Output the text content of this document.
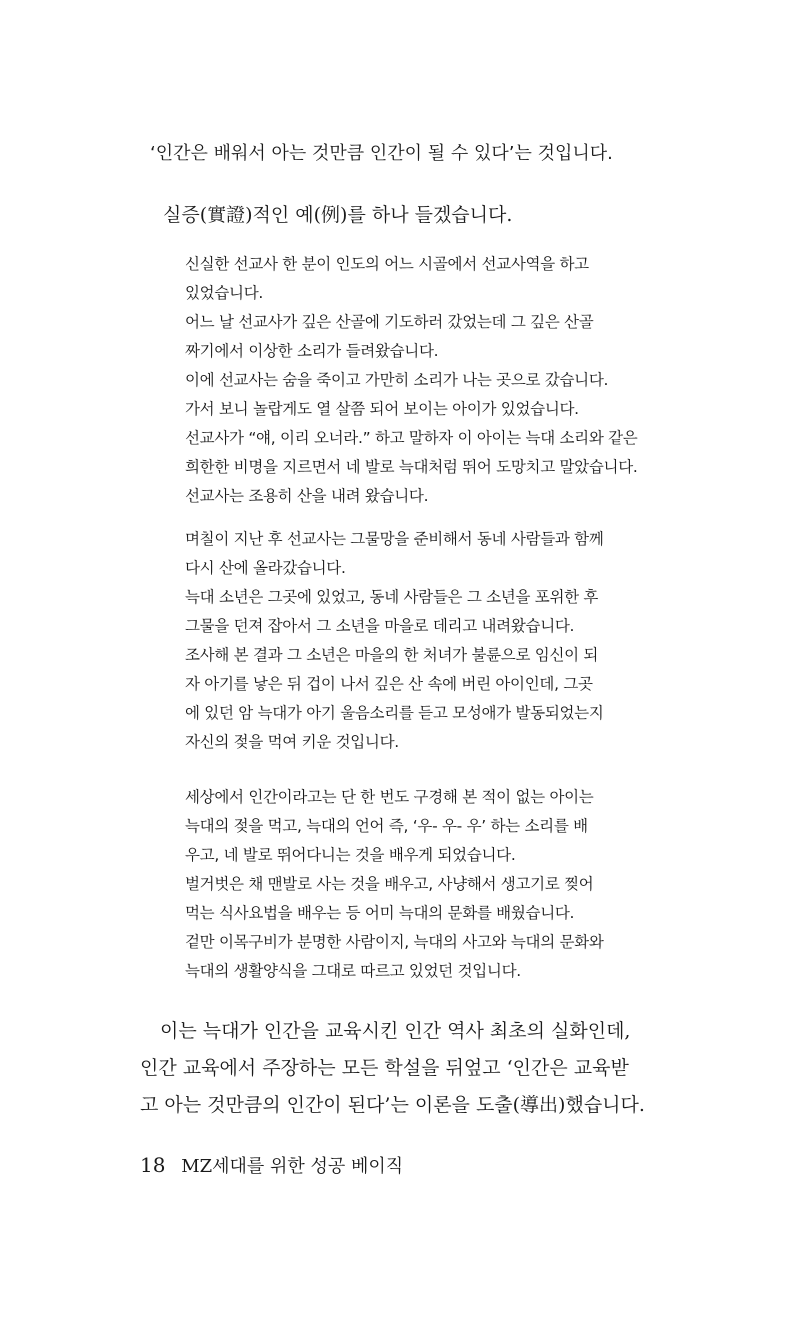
‘인간은 배워서 아는 것만큼 인간이 될 수 있다’는 것입니다.

실증(實證)적인 예(例)를 하나 들겠습니다.

신실한 선교사 한 분이 인도의 어느 시골에서 선교사역을 하고

있었습니다.

어느 날 선교사가 깊은 산골에 기도하러 갔었는데 그 깊은 산골

짜기에서 이상한 소리가 들려왔습니다.

이에 선교사는 숨을 죽이고 가만히 소리가 나는 곳으로 갔습니다.

가서 보니 놀랍게도 열 살쯤 되어 보이는 아이가 있었습니다.

선교사가 “얘, 이리 오너라.” 하고 말하자 이 아이는 늑대 소리와 같은

희한한 비명을 지르면서 네 발로 늑대처럼 뛰어 도망치고 말았습니다.

선교사는 조용히 산을 내려 왔습니다.

며칠이 지난 후 선교사는 그물망을 준비해서 동네 사람들과 함께

다시 산에 올라갔습니다.

늑대 소년은 그곳에 있었고, 동네 사람들은 그 소년을 포위한 후

그물을 던져 잡아서 그 소년을 마을로 데리고 내려왔습니다.

조사해 본 결과 그 소년은 마을의 한 처녀가 불륜으로 임신이 되

자 아기를 낳은 뒤 겁이 나서 깊은 산 속에 버린 아이인데, 그곳

에 있던 암 늑대가 아기 울음소리를 듣고 모성애가 발동되었는지

자신의 젖을 먹여 키운 것입니다.

세상에서 인간이라고는 단 한 번도 구경해 본 적이 없는 아이는

늑대의 젖을 먹고, 늑대의 언어 즉, ‘우- 우- 우’ 하는 소리를 배

우고, 네 발로 뛰어다니는 것을 배우게 되었습니다.

벌거벗은 채 맨발로 사는 것을 배우고, 사냥해서 생고기로 찢어

먹는 식사요법을 배우는 등 어미 늑대의 문화를 배웠습니다.

겉만 이목구비가 분명한 사람이지, 늑대의 사고와 늑대의 문화와

늑대의 생활양식을 그대로 따르고 있었던 것입니다.

이는 늑대가 인간을 교육시킨 인간 역사 최초의 실화인데,

인간 교육에서 주장하는 모든 학설을 뒤엎고 ‘인간은 교육받

고 아는 것만큼의 인간이 된다’는 이론을 도출(導出)했습니다.

18 MZ세대를 위한 성공 베이직
